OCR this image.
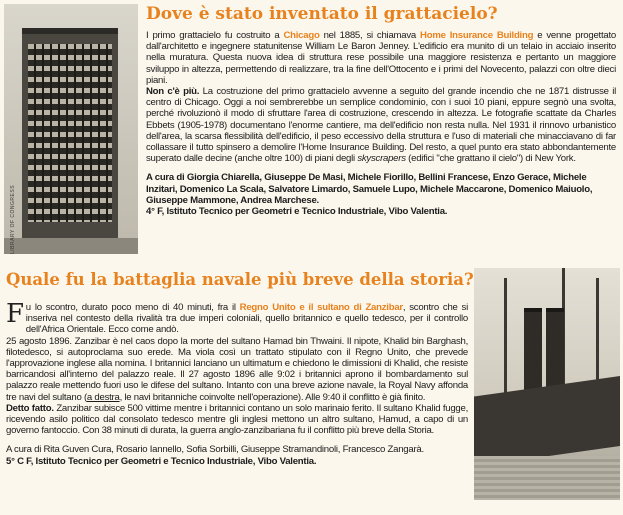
LIBRARY OF CONGRESS
Dove è stato inventato il grattacielo?

I primo grattacielo fu costruito a Chicago nel 1885, si chiamava Home Insurance Building e venne progettato dall'architetto e ingegnere statunitense William Le Baron Jenney. L'edificio era munito di un telaio in acciaio inserito nella muratura. Questa nuova idea di struttura rese possibile una maggiore resistenza e pertanto un maggiore sviluppo in altezza, permettendo di realizzare, tra la fine dell'Ottocento e i primi del Novecento, palazzi con oltre dieci piani.

Non c'è più. La costruzione del primo grattacielo avvenne a seguito del grande incendio che ne 1871 distrusse il centro di Chicago. Oggi a noi sembrerebbe un semplice condominio, con i suoi 10 piani, eppure segnò una svolta, perché rivoluzionò il modo di sfruttare l'area di costruzione, crescendo in altezza. Le fotografie scattate da Charles Ebbets (1905-1978) documentano l'enorme cantiere, ma dell'edificio non resta nulla. Nel 1931 il rinnovo urbanistico dell'area, la scarsa flessibilità dell'edificio, il peso eccessivo della struttura e l'uso di materiali che minacciavano di far collassare il tutto spinsero a demolire l'Home Insurance Building. Del resto, a quel punto era stato abbondantemente superato dalle decine (anche oltre 100) di piani degli skyscrapers (edifici "che grattano il cielo") di New York.

A cura di Giorgia Chiarella, Giuseppe De Masi, Michele Fiorillo, Bellini Francese, Enzo Gerace, Michele Inzitari, Domenico La Scala, Salvatore Limardo, Samuele Lupo, Michele Maccarone, Domenico Maiuolo, Giuseppe Mammone, Andrea Marchese.
4° F, Istituto Tecnico per Geometri e Tecnico Industriale, Vibo Valentia.

Quale fu la battaglia navale più breve della storia?

Fu lo scontro, durato poco meno di 40 minuti, fra il Regno Unito e il sultano di Zanzibar, scontro che si inseriva nel contesto della rivalità tra due imperi coloniali, quello britannico e quello tedesco, per il controllo dell'Africa Orientale. Ecco come andò.
25 agosto 1896. Zanzibar è nel caos dopo la morte del sultano Hamad bin Thwaini. Il nipote, Khalid bin Barghash, filotedesco, si autoproclama suo erede. Ma viola così un trattato stipulato con il Regno Unito, che prevede l'approvazione inglese alla nomina. I britannici lanciano un ultimatum e chiedono le dimissioni di Khalid, che resiste barricandosi all'interno del palazzo reale. Il 27 agosto 1896 alle 9:02 i britannici aprono il bombardamento sul palazzo reale mettendo fuori uso le difese del sultano. Intanto con una breve azione navale, la Royal Navy affonda tre navi del sultano (a destra, le navi britanniche coinvolte nell'operazione). Alle 9:40 il conflitto è già finito.

Detto fatto. Zanzibar subisce 500 vittime mentre i britannici contano un solo marinaio ferito. Il sultano Khalid fugge, ricevendo asilo politico dal consolato tedesco mentre gli inglesi mettono un altro sultano, Hamud, a capo di un governo fantoccio. Con 38 minuti di durata, la guerra anglo-zanzibariana fu il conflitto più breve della Storia.

A cura di Rita Guven Cura, Rosario Iannello, Sofia Sorbilli, Giuseppe Stramandinoli, Francesco Zangarà.
5° C F, Istituto Tecnico per Geometri e Tecnico Industriale, Vibo Valentia.
